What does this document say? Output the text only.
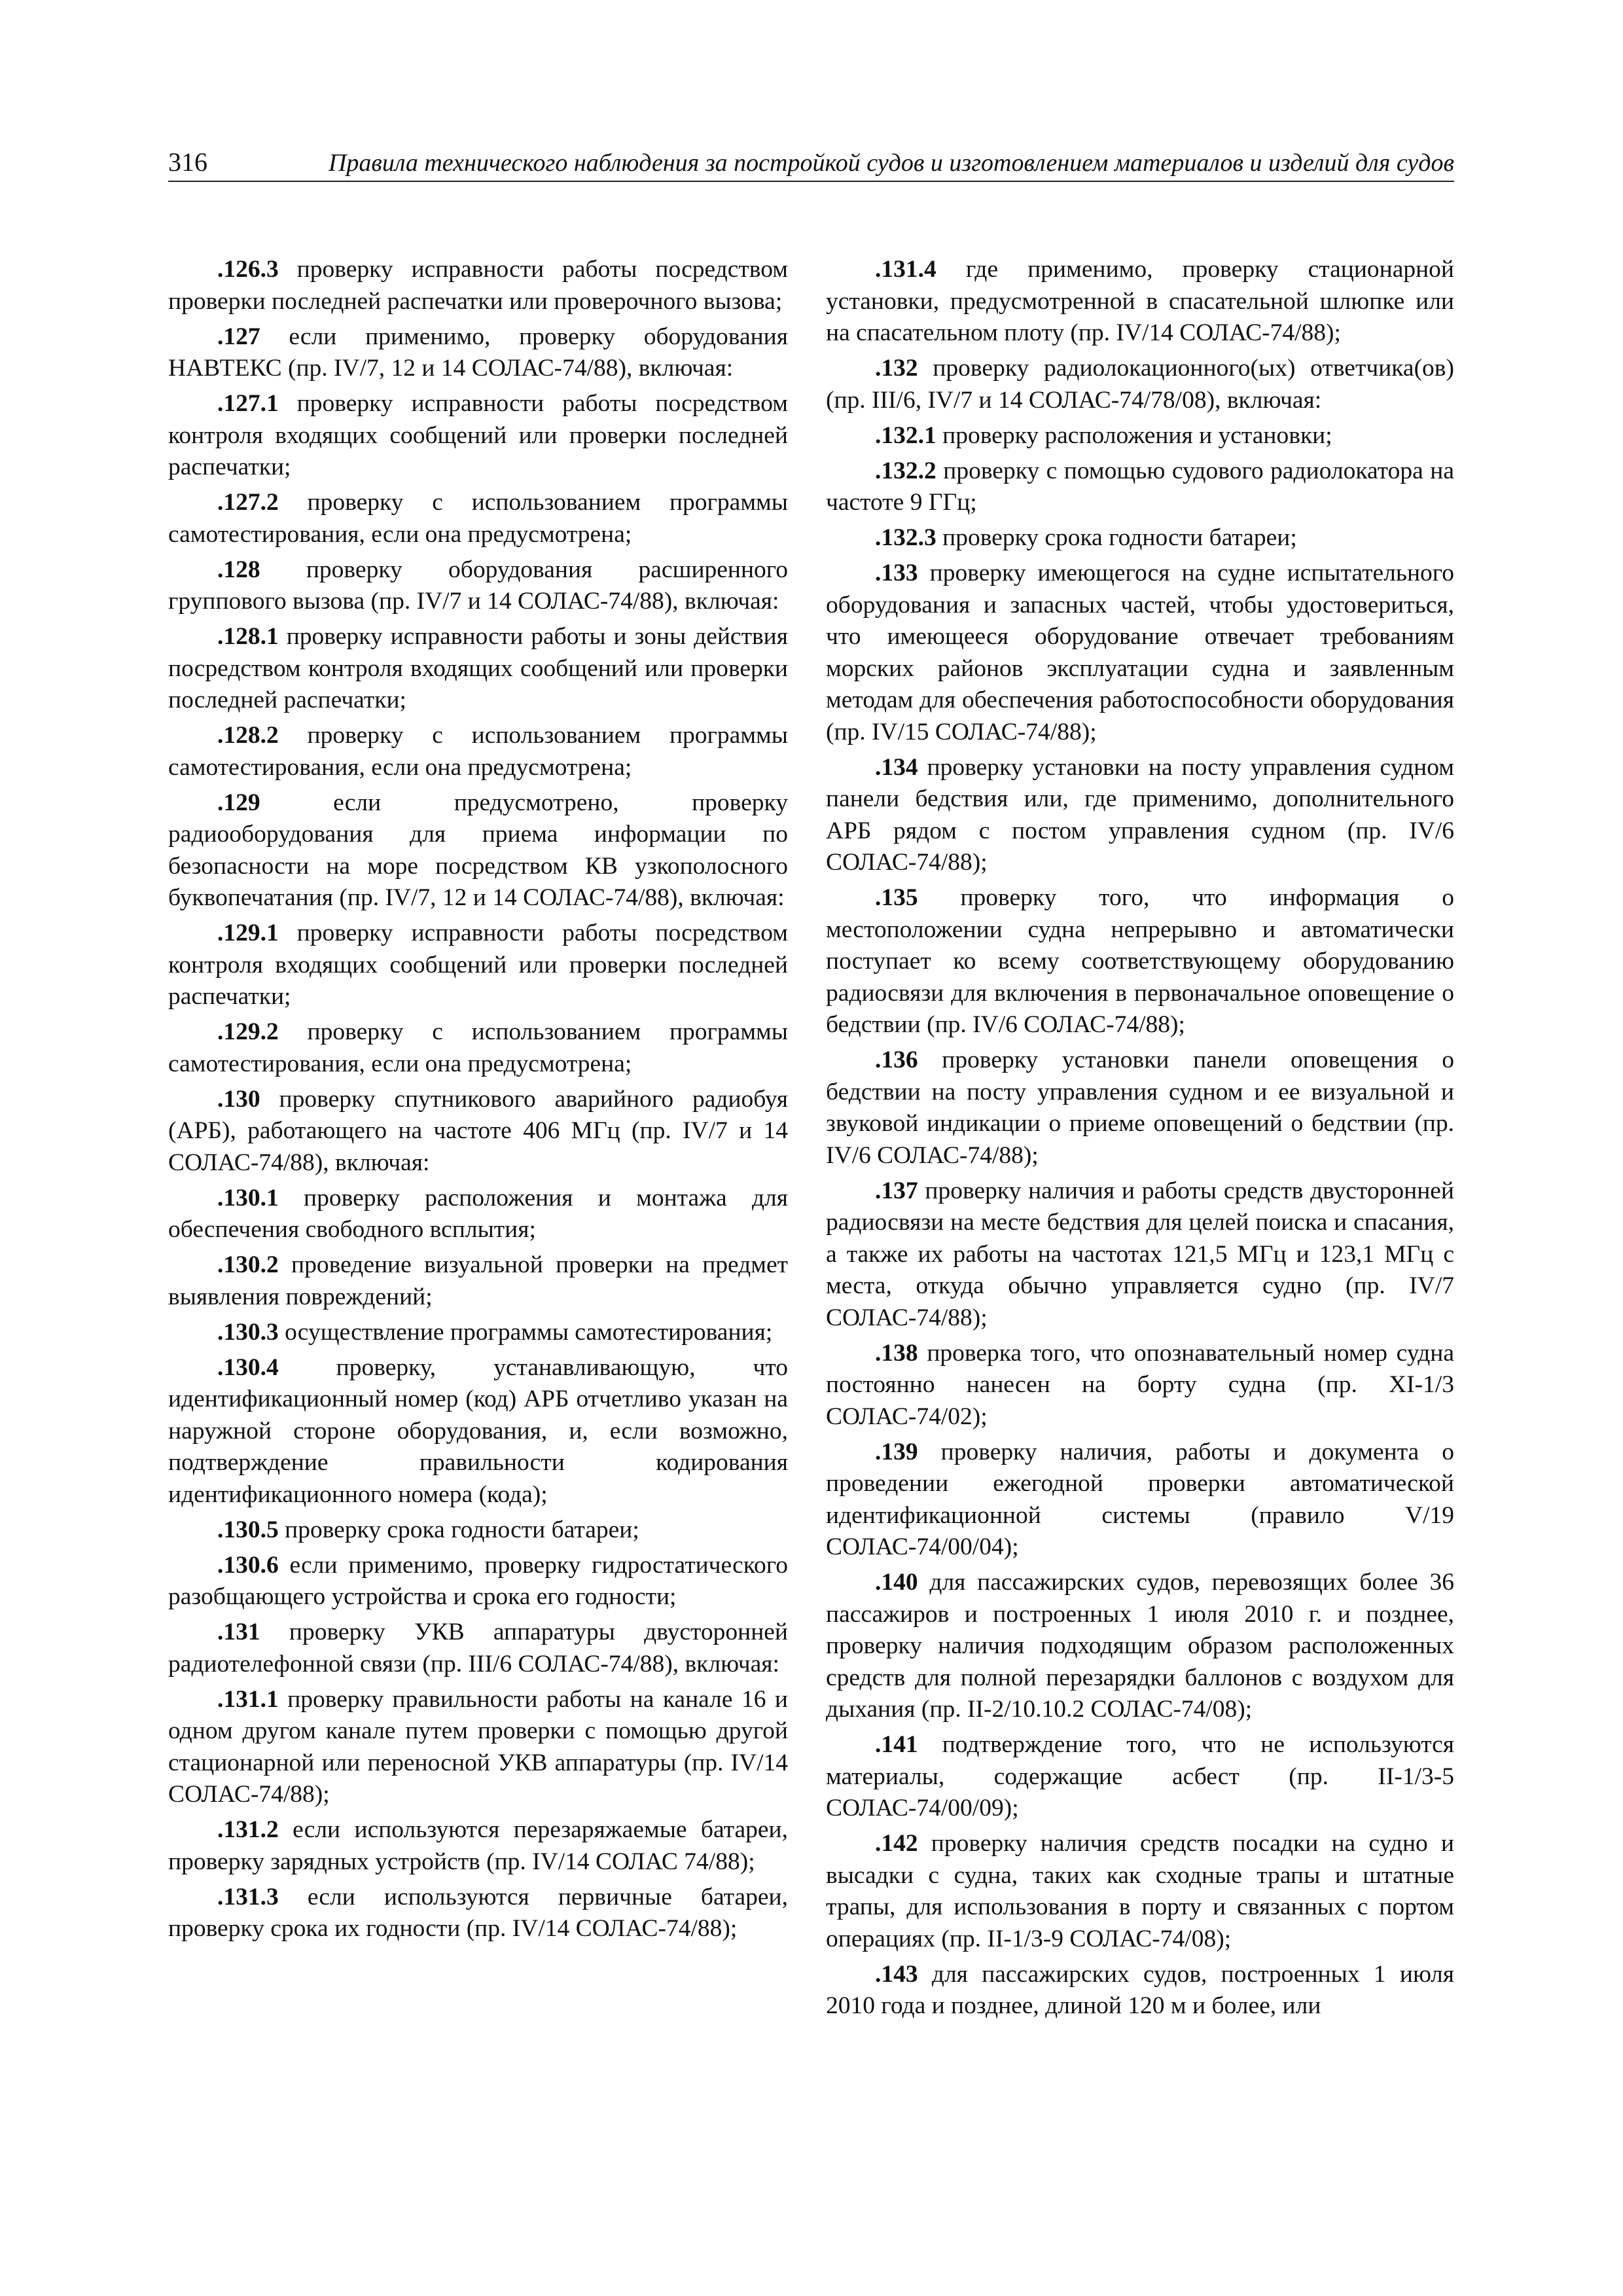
316	Правила технического наблюдения за постройкой судов и изготовлением материалов и изделий для судов

.126.3 проверку исправности работы посредством проверки последней распечатки или проверочного вызова;

.127 если применимо, проверку оборудования НАВТЕКС (пр. IV/7, 12 и 14 СОЛАС-74/88), включая:

.127.1 проверку исправности работы посредством контроля входящих сообщений или проверки последней распечатки;

.127.2 проверку с использованием программы самотестирования, если она предусмотрена;

.128 проверку оборудования расширенного группового вызова (пр. IV/7 и 14 СОЛАС-74/88), включая:

.128.1 проверку исправности работы и зоны действия посредством контроля входящих сообщений или проверки последней распечатки;

.128.2 проверку с использованием программы самотестирования, если она предусмотрена;

.129 если предусмотрено, проверку радиооборудования для приема информации по безопасности на море посредством КВ узкополосного буквопечатания (пр. IV/7, 12 и 14 СОЛАС-74/88), включая:

.129.1 проверку исправности работы посредством контроля входящих сообщений или проверки последней распечатки;

.129.2 проверку с использованием программы самотестирования, если она предусмотрена;

.130 проверку спутникового аварийного радиобуя (АРБ), работающего на частоте 406 МГц (пр. IV/7 и 14 СОЛАС-74/88), включая:

.130.1 проверку расположения и монтажа для обеспечения свободного всплытия;

.130.2 проведение визуальной проверки на предмет выявления повреждений;

.130.3 осуществление программы самотестирования;

.130.4 проверку, устанавливающую, что идентификационный номер (код) АРБ отчетливо указан на наружной стороне оборудования, и, если возможно, подтверждение правильности кодирования идентификационного номера (кода);

.130.5 проверку срока годности батареи;

.130.6 если применимо, проверку гидростатического разобщающего устройства и срока его годности;

.131 проверку УКВ аппаратуры двусторонней радиотелефонной связи (пр. III/6 СОЛАС-74/88), включая:

.131.1 проверку правильности работы на канале 16 и одном другом канале путем проверки с помощью другой стационарной или переносной УКВ аппаратуры (пр. IV/14 СОЛАС-74/88);

.131.2 если используются перезаряжаемые батареи, проверку зарядных устройств (пр. IV/14 СОЛАС 74/88);

.131.3 если используются первичные батареи, проверку срока их годности (пр. IV/14 СОЛАС-74/88);

.131.4 где применимо, проверку стационарной установки, предусмотренной в спасательной шлюпке или на спасательном плоту (пр. IV/14 СОЛАС-74/88);

.132 проверку радиолокационного(ых) ответчика(ов) (пр. III/6, IV/7 и 14 СОЛАС-74/78/08), включая:

.132.1 проверку расположения и установки;

.132.2 проверку с помощью судового радиолокатора на частоте 9 ГГц;

.132.3 проверку срока годности батареи;

.133 проверку имеющегося на судне испытательного оборудования и запасных частей, чтобы удостовериться, что имеющееся оборудование отвечает требованиям морских районов эксплуатации судна и заявленным методам для обеспечения работоспособности оборудования (пр. IV/15 СОЛАС-74/88);

.134 проверку установки на посту управления судном панели бедствия или, где применимо, дополнительного АРБ рядом с постом управления судном (пр. IV/6 СОЛАС-74/88);

.135 проверку того, что информация о местоположении судна непрерывно и автоматически поступает ко всему соответствующему оборудованию радиосвязи для включения в первоначальное оповещение о бедствии (пр. IV/6 СОЛАС-74/88);

.136 проверку установки панели оповещения о бедствии на посту управления судном и ее визуальной и звуковой индикации о приеме оповещений о бедствии (пр. IV/6 СОЛАС-74/88);

.137 проверку наличия и работы средств двусторонней радиосвязи на месте бедствия для целей поиска и спасания, а также их работы на частотах 121,5 МГц и 123,1 МГц с места, откуда обычно управляется судно (пр. IV/7 СОЛАС-74/88);

.138 проверка того, что опознавательный номер судна постоянно нанесен на борту судна (пр. XI-1/3 СОЛАС-74/02);

.139 проверку наличия, работы и документа о проведении ежегодной проверки автоматической идентификационной системы (правило V/19 СОЛАС-74/00/04);

.140 для пассажирских судов, перевозящих более 36 пассажиров и построенных 1 июля 2010 г. и позднее, проверку наличия подходящим образом расположенных средств для полной перезарядки баллонов с воздухом для дыхания (пр. II-2/10.10.2 СОЛАС-74/08);

.141 подтверждение того, что не используются материалы, содержащие асбест (пр. II-1/3-5 СОЛАС-74/00/09);

.142 проверку наличия средств посадки на судно и высадки с судна, таких как сходные трапы и штатные трапы, для использования в порту и связанных с портом операциях (пр. II-1/3-9 СОЛАС-74/08);

.143 для пассажирских судов, построенных 1 июля 2010 года и позднее, длиной 120 м и более, или
